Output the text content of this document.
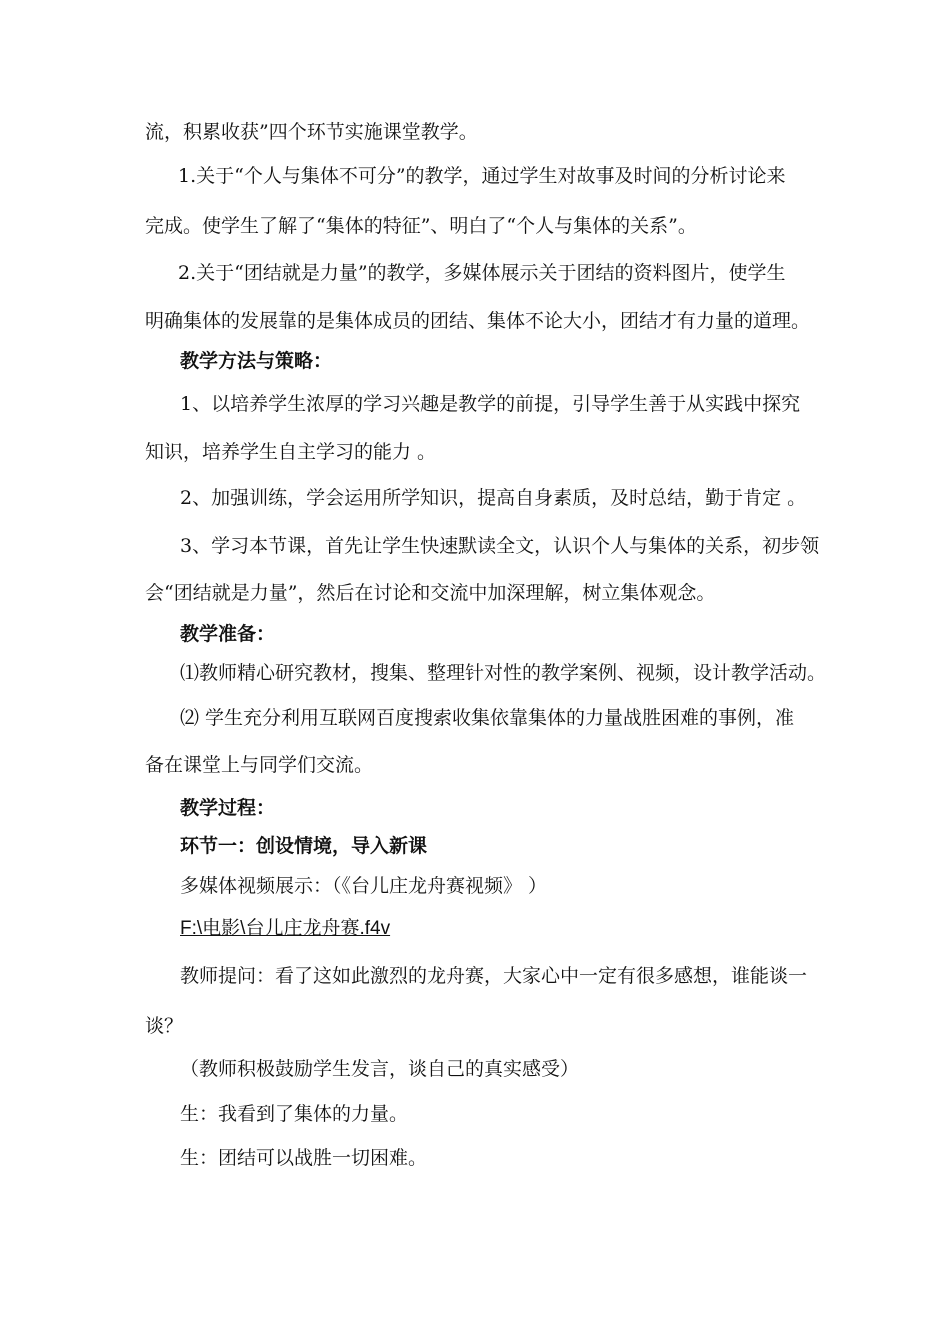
流，积累收获”四个环节实施课堂教学。
1.关于“个人与集体不可分”的教学，通过学生对故事及时间的分析讨论来
完成。使学生了解了“集体的特征”、明白了“个人与集体的关系”。
2.关于“团结就是力量”的教学，多媒体展示关于团结的资料图片，使学生
明确集体的发展靠的是集体成员的团结、集体不论大小，团结才有力量的道理。
教学方法与策略：
1、以培养学生浓厚的学习兴趣是教学的前提，引导学生善于从实践中探究
知识，培养学生自主学习的能力 。
2、加强训练，学会运用所学知识，提高自身素质，及时总结，勤于肯定 。
3、学习本节课，首先让学生快速默读全文，认识个人与集体的关系，初步领
会“团结就是力量”，然后在讨论和交流中加深理解，树立集体观念。
教学准备：
⑴教师精心研究教材，搜集、整理针对性的教学案例、视频，设计教学活动。
⑵ 学生充分利用互联网百度搜索收集依靠集体的力量战胜困难的事例，准
备在课堂上与同学们交流。
教学过程：
环节一：创设情境，导入新课
多媒体视频展示：（《台儿庄龙舟赛视频》 ）
F:\电影\台儿庄龙舟赛.f4v
教师提问：看了这如此激烈的龙舟赛，大家心中一定有很多感想，谁能谈一
谈？
（教师积极鼓励学生发言，谈自己的真实感受）
生：我看到了集体的力量。
生：团结可以战胜一切困难。
